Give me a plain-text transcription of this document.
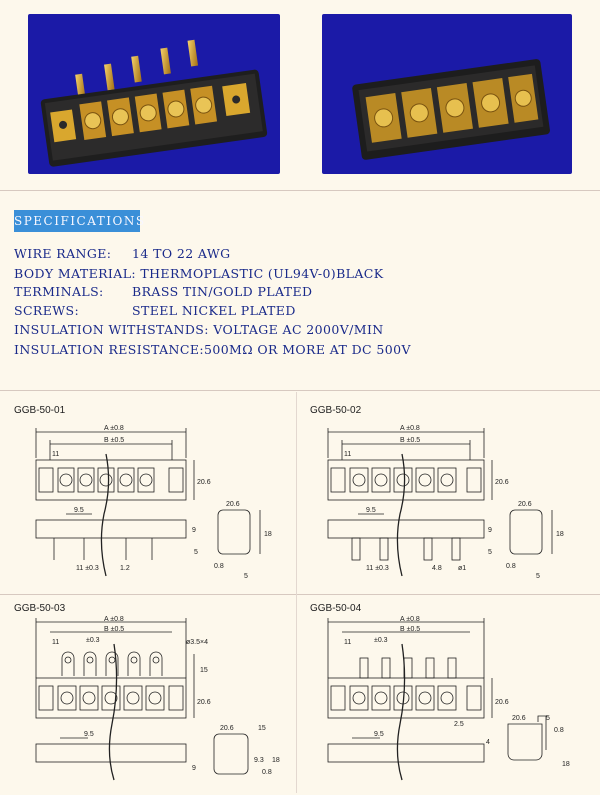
SPECIFICATIONS
WIRE RANGE: 14 TO 22 AWG
BODY MATERIAL: THERMOPLASTIC (UL94V-0)BLACK
TERMINALS: BRASS TIN/GOLD PLATED
SCREWS:	STEEL NICKEL PLATED
INSULATION WITHSTANDS: VOLTAGE AC 2000V/MIN
INSULATION RESISTANCE:500MΩ OR MORE AT DC 500V
GGB-50-01	GGB-50-02
GGB-50-03	GGB-50-04
A ±0.8
B ±0.5
11
20.6
9.5
9
5
11 ±0.3	1.2
20.6
18
0.8
5
A ±0.8
B ±0.5
11
20.6
9.5
9
5
11 ±0.3	4.8 ø1
20.6
18
0.8
5
A ±0.8
B ±0.5
±0.3
11	ø3.5×4
15
20.6
9.5
9
20.6	15
9.3
0.8
18
A ±0.8
B ±0.5
±0.3
11
20.6
9.5
2.5
4
20.6	5
0.8
18
